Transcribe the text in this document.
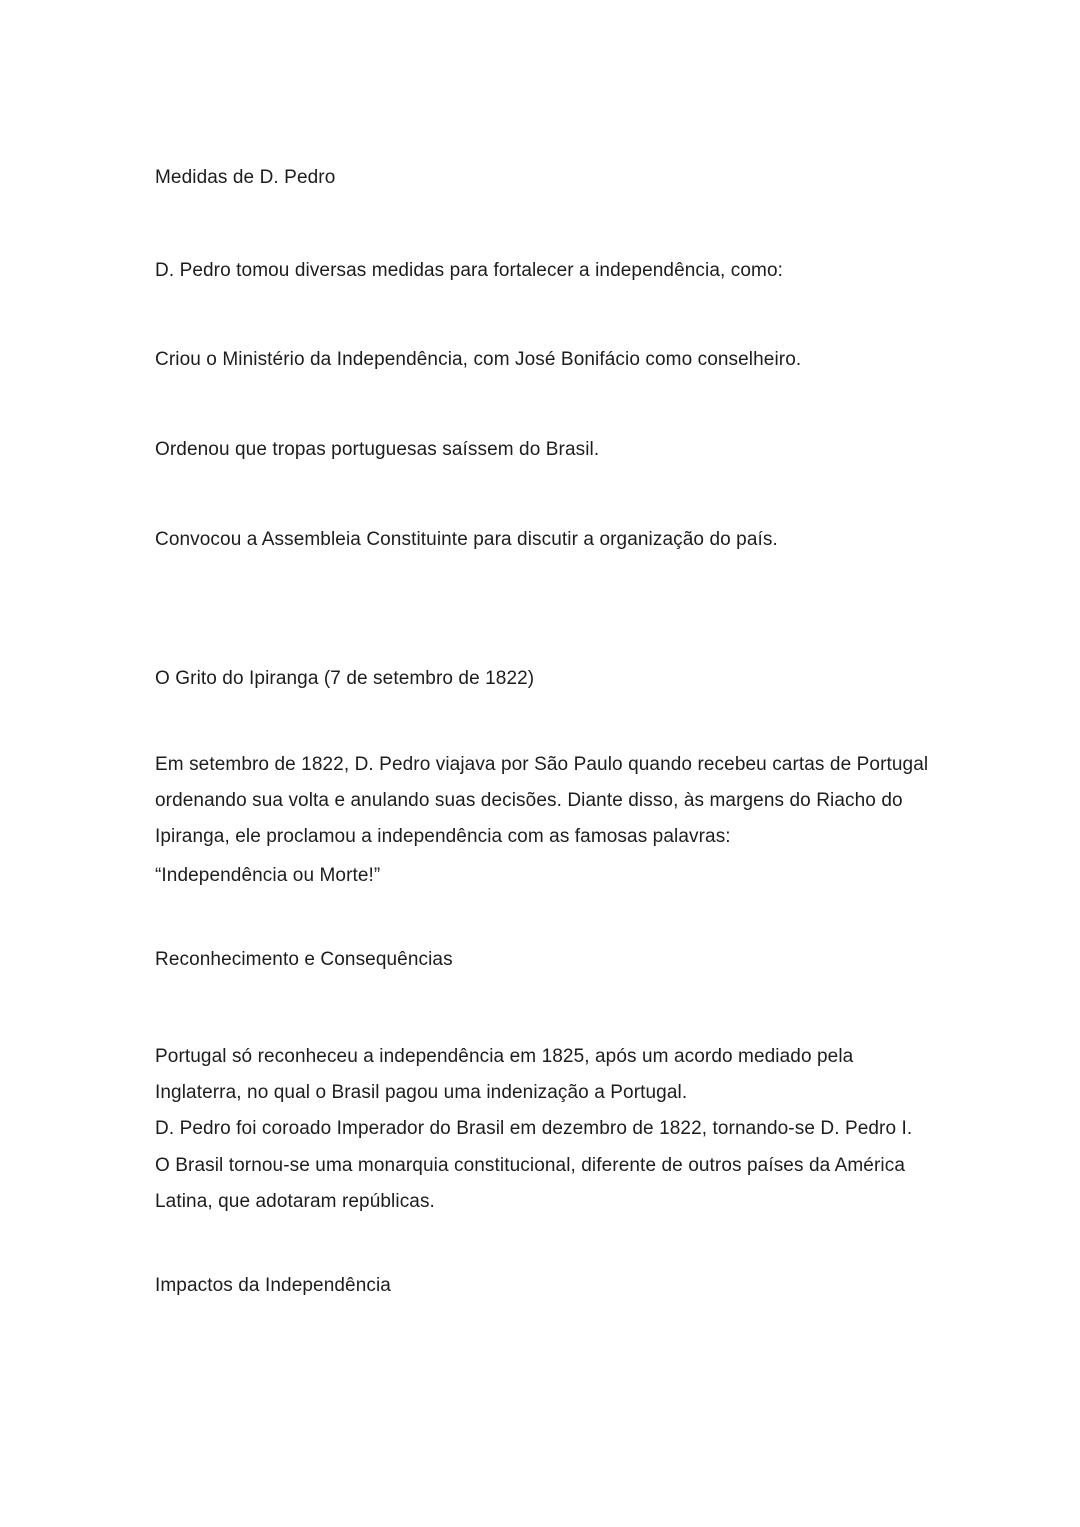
Medidas de D. Pedro

D. Pedro tomou diversas medidas para fortalecer a independência, como:

Criou o Ministério da Independência, com José Bonifácio como conselheiro.

Ordenou que tropas portuguesas saíssem do Brasil.

Convocou a Assembleia Constituinte para discutir a organização do país.

O Grito do Ipiranga (7 de setembro de 1822)

Em setembro de 1822, D. Pedro viajava por São Paulo quando recebeu cartas de Portugal ordenando sua volta e anulando suas decisões. Diante disso, às margens do Riacho do Ipiranga, ele proclamou a independência com as famosas palavras:

“Independência ou Morte!”

Reconhecimento e Consequências

Portugal só reconheceu a independência em 1825, após um acordo mediado pela Inglaterra, no qual o Brasil pagou uma indenização a Portugal.

D. Pedro foi coroado Imperador do Brasil em dezembro de 1822, tornando-se D. Pedro I.

O Brasil tornou-se uma monarquia constitucional, diferente de outros países da América Latina, que adotaram repúblicas.

Impactos da Independência
